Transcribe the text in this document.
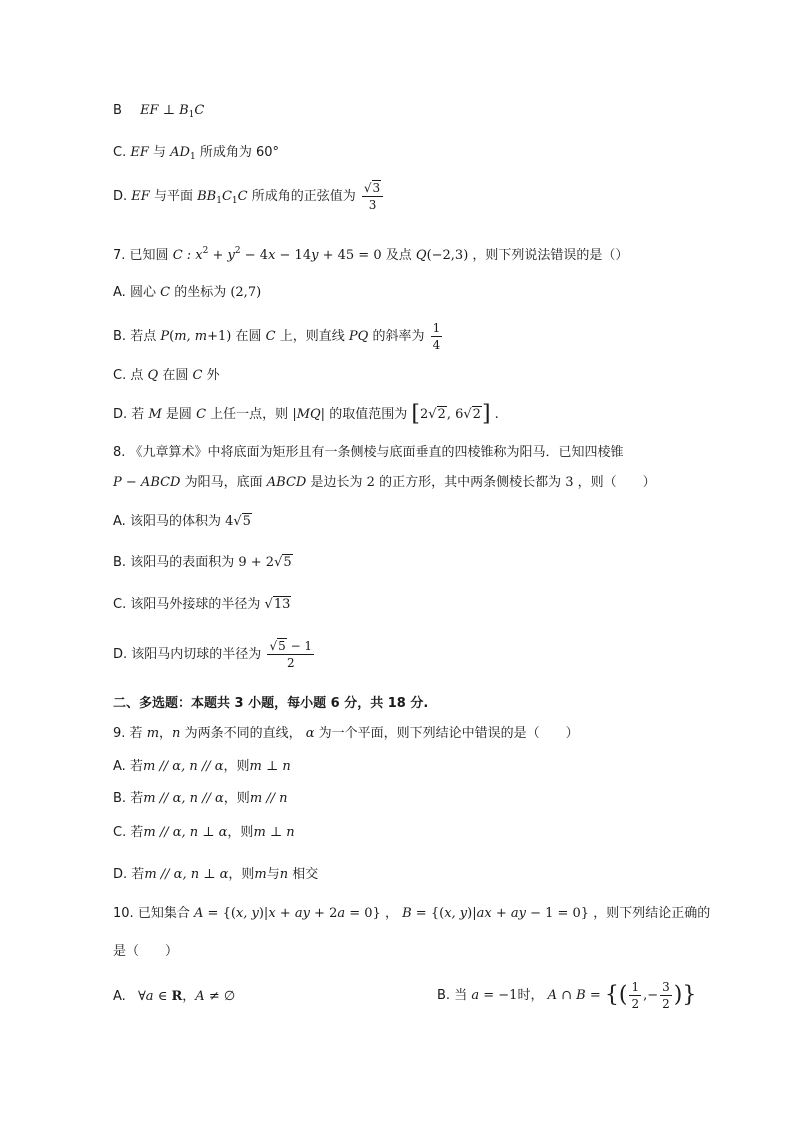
B EF ⊥ $B_1C$
C. EF 与 $AD_1$ 所成角为 60°
D. EF 与平面 $BB_1C_1C$ 所成角的正弦值为 $\frac{√3}{3}$
7. 已知圆 C : $x^2 + y^2 - 4x - 14y + 45 = 0$ 及点 Q(−2,3) ，则下列说法错误的是（）
A. 圆心 C 的坐标为 (2,7)
B. 若点 P(m, m+1) 在圆 C 上，则直线 PQ 的斜率为 $\frac{1}{4}$
C. 点 Q 在圆 C 外
D. 若 M 是圆 C 上任一点，则 |MQ| 的取值范围为 [2√2, 6√2] .
8. 《九章算术》中将底面为矩形且有一条侧棱与底面垂直的四棱锥称为阳马．已知四棱锥
P − ABCD 为阳马，底面 ABCD 是边长为 2 的正方形，其中两条侧棱长都为 3 ，则（　　）
A. 该阳马的体积为 4√5
B. 该阳马的表面积为 9 + 2√5
C. 该阳马外接球的半径为 √13
D. 该阳马内切球的半径为 $\frac{√5 - 1}{2}$
二、多选题：本题共 3 小题，每小题 6 分，共 18 分.
9. 若 m，n 为两条不同的直线， α 为一个平面，则下列结论中错误的是（　　）
A. 若m // α, n // α，则m ⊥ n
B. 若m // α, n // α，则m // n
C. 若m // α, n ⊥ α，则m ⊥ n
D. 若m // α, n ⊥ α，则m与n 相交
10. 已知集合 A = {(x, y)|x + ay + 2a = 0} ， B = {(x, y)|ax + ay − 1 = 0} ，则下列结论正确的
是（　　）
A. ∀a ∈ R，A ≠ ∅	B. 当 a = −1时， A ∩ B = {( $\frac{1}{2}$ ,− $\frac{3}{2}$ )}
